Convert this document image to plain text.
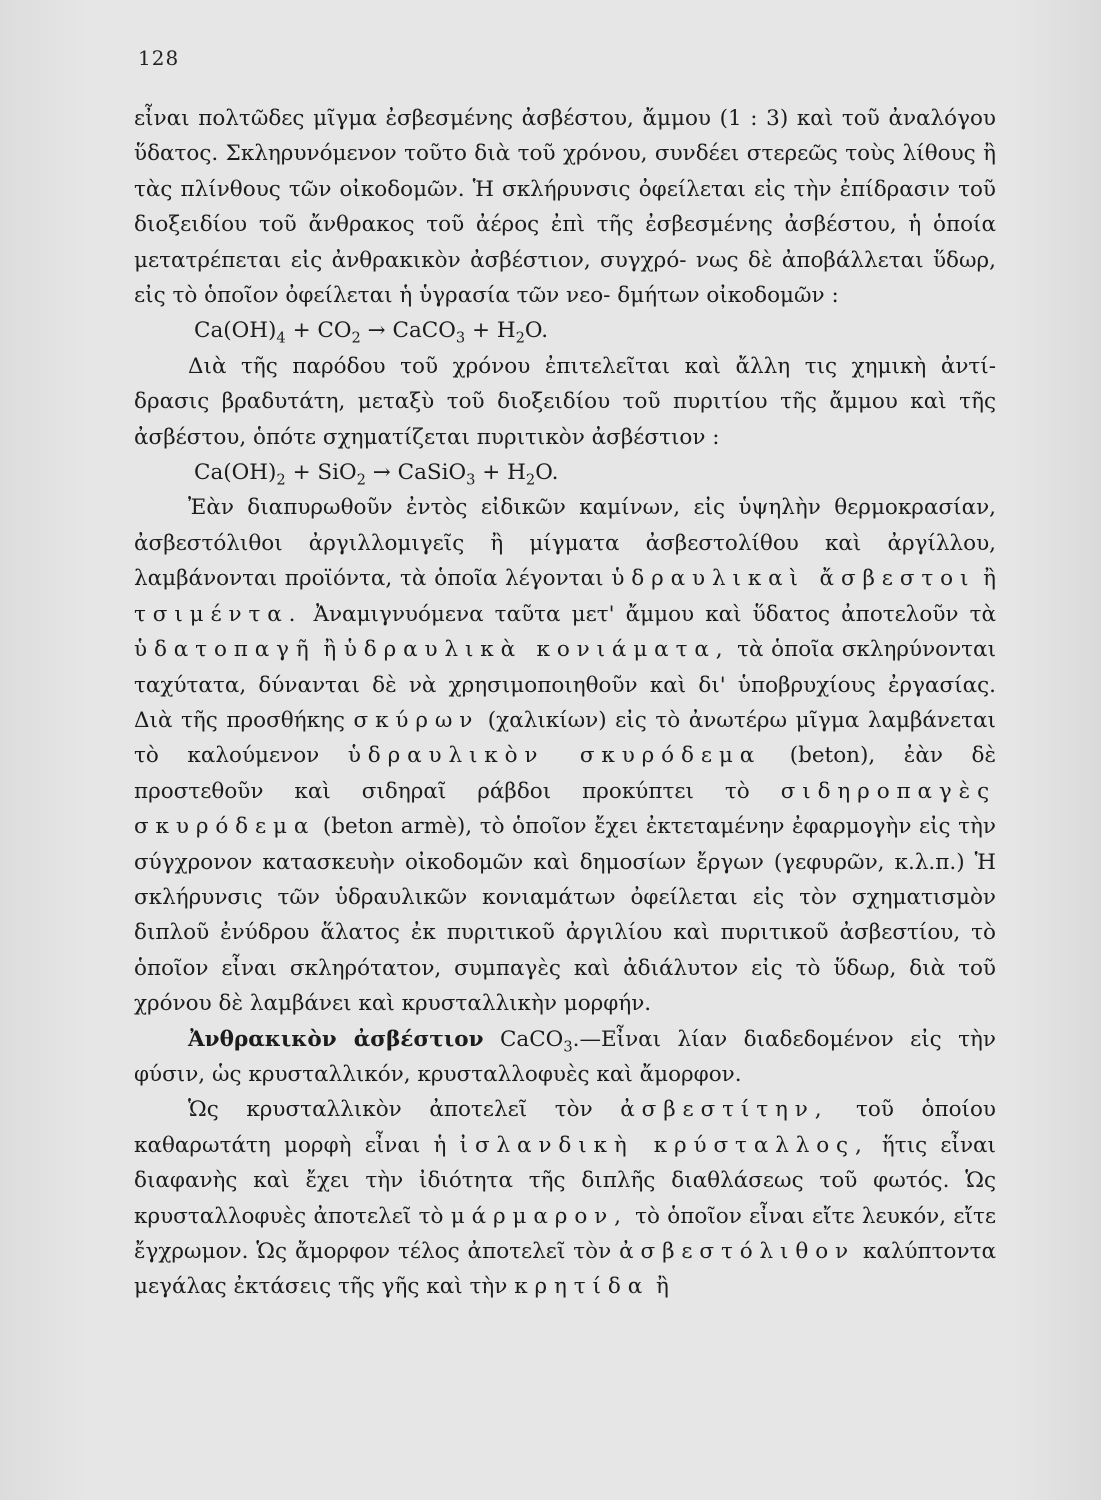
128

εἶναι πολτῶδες μῖγμα ἐσβεσμένης ἀσβέστου, ἄμμου (1 : 3) καὶ τοῦ ἀναλόγου ὕδατος. Σκληρυνόμενον τοῦτο διὰ τοῦ χρόνου, συνδέει στερεῶς τοὺς λίθους ἢ τὰς πλίνθους τῶν οἰκοδομῶν. Ἡ σκλήρυνσις ὀφείλεται εἰς τὴν ἐπίδρασιν τοῦ διοξειδίου τοῦ ἄνθρακος τοῦ ἀέρος ἐπὶ τῆς ἐσβεσμένης ἀσβέστου, ἡ ὁποία μετατρέπεται εἰς ἀνθρακικὸν ἀσβέστιον, συγχρό- νως δὲ ἀποβάλλεται ὕδωρ, εἰς τὸ ὁποῖον ὀφείλεται ἡ ὑγρασία τῶν νεο- δμήτων οἰκοδομῶν :

$Ca(OH)_4 + CO_2$ → CaCO$_3$ + $H_2O$.

Διὰ τῆς παρόδου τοῦ χρόνου ἐπιτελεῖται καὶ ἄλλη τις χημικὴ ἀντί- δρασις βραδυτάτη, μεταξὺ τοῦ διοξειδίου τοῦ πυριτίου τῆς ἄμμου καὶ τῆς ἀσβέστου, ὁπότε σχηματίζεται πυριτικὸν ἀσβέστιον :

$Ca(OH)_2 + SiO_2$ → CaSiO$_3$ + $H_2O$.

Ἐὰν διαπυρωθοῦν ἐντὸς εἰδικῶν καμίνων, εἰς ὑψηλὴν θερμοκρασίαν, ἀσβεστόλιθοι ἀργιλλομιγεῖς ἢ μίγματα ἀσβεστολίθου καὶ ἀργίλλου, λαμβάνονται προϊόντα, τὰ ὁποῖα λέγονται ὑδραυλικαὶ ἄσβεστοι ἢ τσιμέντα. Ἀναμιγνυόμενα ταῦτα μετ' ἄμμου καὶ ὕδατος ἀποτελοῦν τὰ ὑδατοπαγῆ ἢ ὑδραυλικὰ κονιάματα, τὰ ὁποῖα σκληρύνονται ταχύτατα, δύνανται δὲ νὰ χρησιμοποιηθοῦν καὶ δι' ὑποβρυχίους ἐργασίας. Διὰ τῆς προσθήκης σκύρων (χαλικίων) εἰς τὸ ἀνωτέρω μῖγμα λαμβάνεται τὸ καλούμενον ὑδραυλικὸν σκυρόδεμα (beton), ἐὰν δὲ προστεθοῦν καὶ σιδηραῖ ράβδοι προκύπτει τὸ σιδηροπαγὲς σκυρόδεμα (beton armè), τὸ ὁποῖον ἔχει ἐκτεταμένην ἐφαρμογὴν εἰς τὴν σύγχρονον κατασκευὴν οἰκοδομῶν καὶ δημοσίων ἔργων (γεφυρῶν, κ.λ.π.) Ἡ σκλήρυνσις τῶν ὑδραυλικῶν κονιαμάτων ὀφείλεται εἰς τὸν σχηματισμὸν διπλοῦ ἐνύδρου ἅλατος ἐκ πυριτικοῦ ἀργιλίου καὶ πυριτικοῦ ἀσβεστίου, τὸ ὁποῖον εἶναι σκληρότατον, συμπαγὲς καὶ ἀδιάλυτον εἰς τὸ ὕδωρ, διὰ τοῦ χρόνου δὲ λαμβάνει καὶ κρυσταλλικὴν μορφήν.

Ἀνθρακικὸν ἀσβέστιον CaCO$_3$.—Εἶναι λίαν διαδεδομένον εἰς τὴν φύσιν, ὡς κρυσταλλικόν, κρυσταλλοφυὲς καὶ ἄμορφον.

Ὡς κρυσταλλικὸν ἀποτελεῖ τὸν ἀσβεστίτην, τοῦ ὁποίου καθαρωτάτη μορφὴ εἶναι ἡ ἰσλανδικὴ κρύσταλλος, ἥτις εἶναι διαφανὴς καὶ ἔχει τὴν ἰδιότητα τῆς διπλῆς διαθλάσεως τοῦ φωτός. Ὡς κρυσταλλοφυὲς ἀποτελεῖ τὸ μάρμαρον, τὸ ὁποῖον εἶναι εἴτε λευκόν, εἴτε ἔγχρωμον. Ὡς ἄμορφον τέλος ἀποτελεῖ τὸν ἀσβεστόλιθον καλύπτοντα μεγάλας ἐκτάσεις τῆς γῆς καὶ τὴν κρητίδα ἢ
